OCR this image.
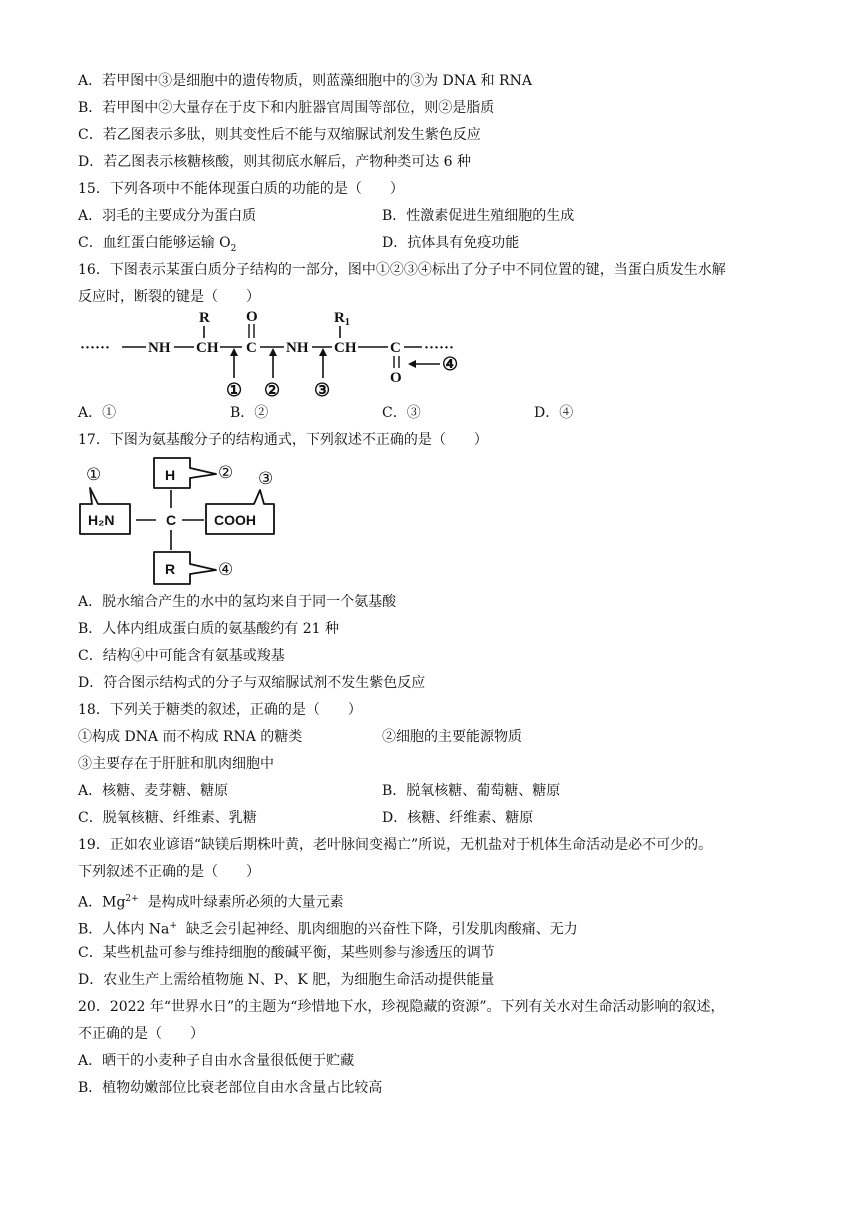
A．若甲图中③是细胞中的遗传物质，则蓝藻细胞中的③为 DNA 和 RNA
B．若甲图中②大量存在于皮下和内脏器官周围等部位，则②是脂质
C．若乙图表示多肽，则其变性后不能与双缩脲试剂发生紫色反应
D．若乙图表示核糖核酸，则其彻底水解后，产物种类可达 6 种
15．下列各项中不能体现蛋白质的功能的是（　　）
A．羽毛的主要成分为蛋白质	B．性激素促进生殖细胞的生成
C．血红蛋白能够运输 $O_2$	D．抗体具有免疫功能
16．下图表示某蛋白质分子结构的一部分，图中①②③④标出了分子中不同位置的键，当蛋白质发生水解
反应时，断裂的键是（　　）
······	NH CH
R
C
O
NH CH
$R_1$
C
O
······
① ② ③
④
A．①	B．②	C．③	D．④
17．下图为氨基酸分子的结构通式，下列叙述不正确的是（　　）
①
H₂N	C
③
COOH
②
H
④
R
A．脱水缩合产生的水中的氢均来自于同一个氨基酸
B．人体内组成蛋白质的氨基酸约有 21 种
C．结构④中可能含有氨基或羧基
D．符合图示结构式的分子与双缩脲试剂不发生紫色反应
18．下列关于糖类的叙述，正确的是（　　）
①构成 DNA 而不构成 RNA 的糖类	②细胞的主要能源物质
③主要存在于肝脏和肌肉细胞中
A．核糖、麦芽糖、糖原	B．脱氧核糖、葡萄糖、糖原
C．脱氧核糖、纤维素、乳糖	D．核糖、纤维素、糖原
19．正如农业谚语“缺镁后期株叶黄，老叶脉间变褐亡”所说，无机盐对于机体生命活动是必不可少的。
下列叙述不正确的是（　　）
A．$Mg^{2+}$  是构成叶绿素所必须的大量元素
B．人体内 Na+  缺乏会引起神经、肌肉细胞的兴奋性下降，引发肌肉酸痛、无力
C．某些机盐可参与维持细胞的酸碱平衡，某些则参与渗透压的调节
D．农业生产上需给植物施 N、P、K 肥，为细胞生命活动提供能量
20．2022 年“世界水日”的主题为“珍惜地下水，珍视隐藏的资源”。下列有关水对生命活动影响的叙述，
不正确的是（　　）
A．晒干的小麦种子自由水含量很低便于贮藏
B．植物幼嫩部位比衰老部位自由水含量占比较高
